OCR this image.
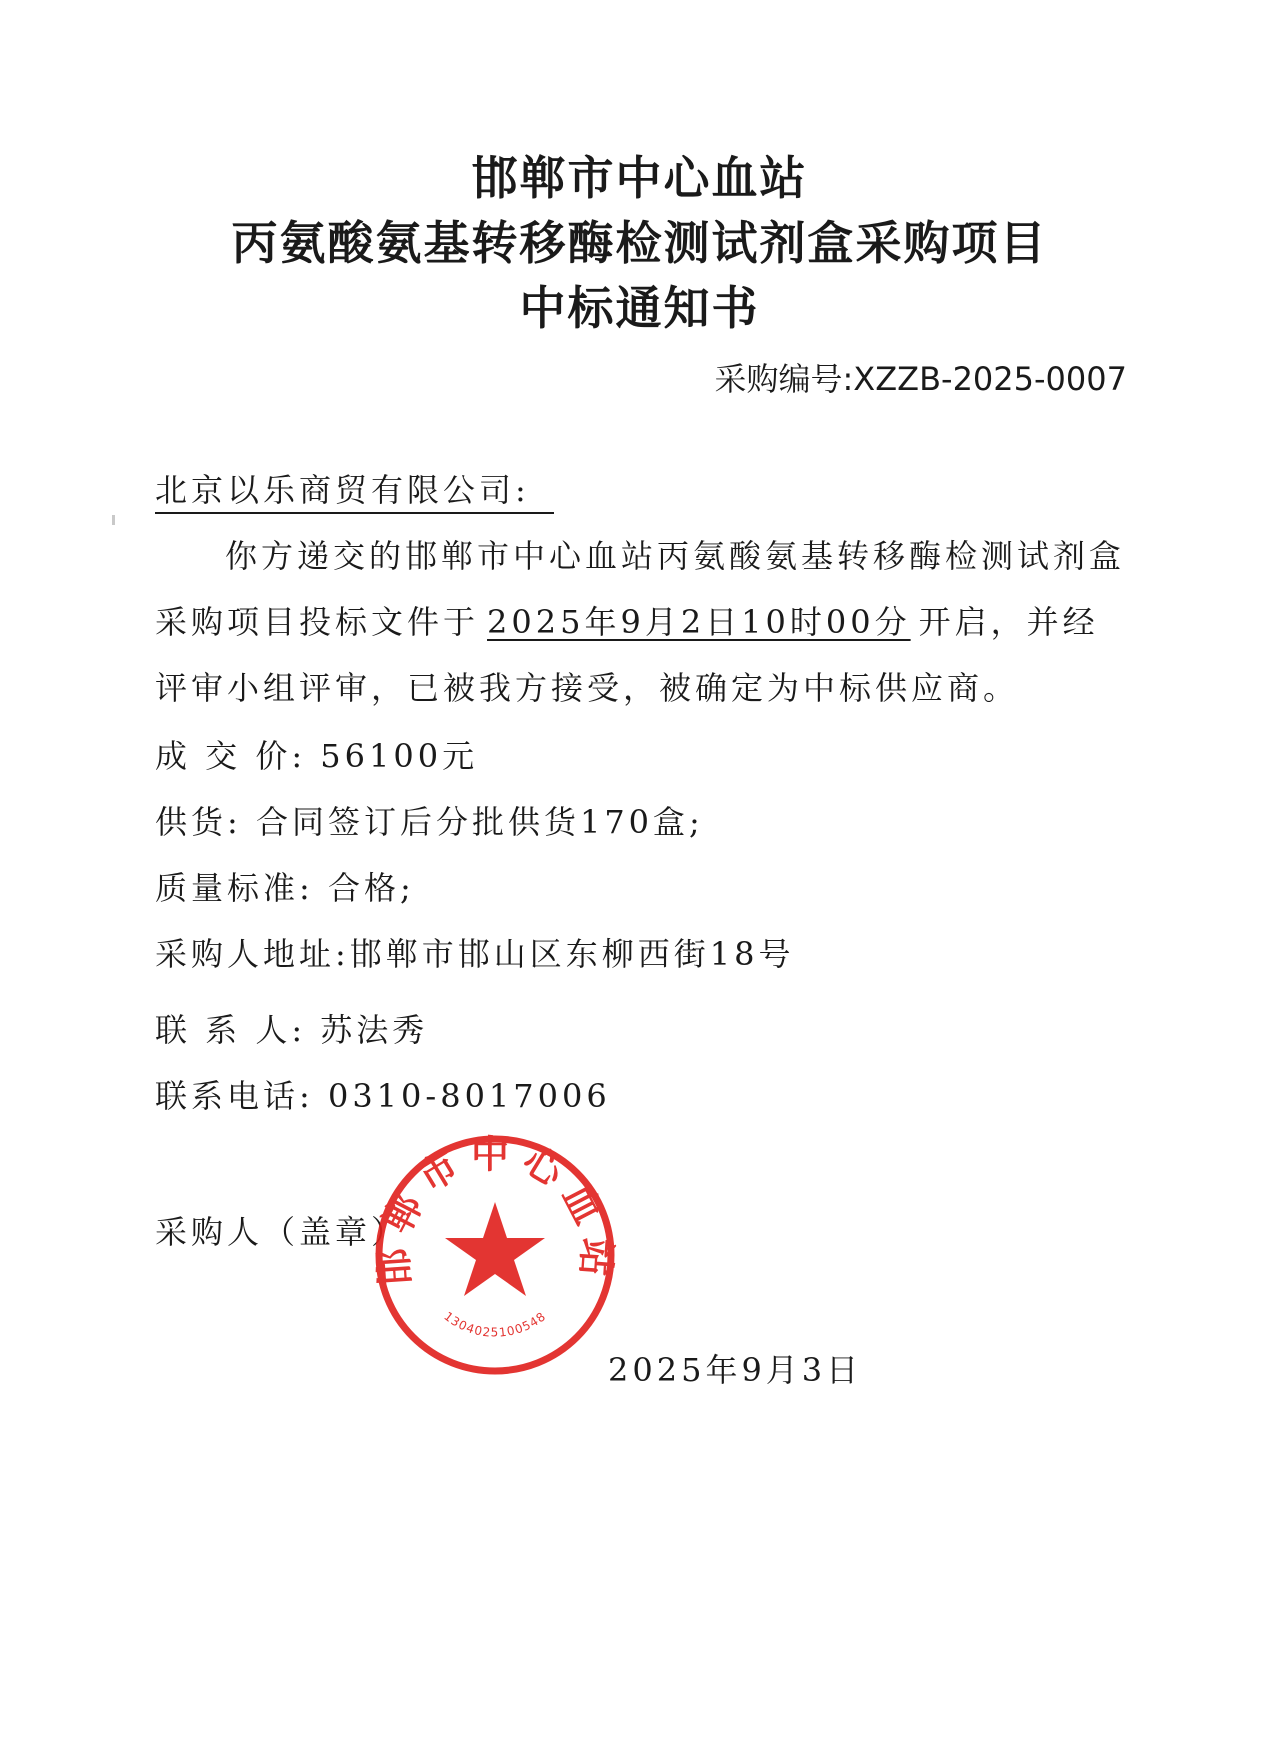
邯郸市中心血站
丙氨酸氨基转移酶检测试剂盒采购项目
中标通知书
采购编号:XZZB-2025-0007
北京以乐商贸有限公司:
你方递交的邯郸市中心血站丙氨酸氨基转移酶检测试剂盒
采购项目投标文件于 2025年9月2日10时00分 开启，并经
评审小组评审，已被我方接受，被确定为中标供应商。
成 交 价: 56100元
供货: 合同签订后分批供货170盒;
质量标准: 合格;
采购人地址:邯郸市邯山区东柳西街18号
联 系 人: 苏法秀
联系电话: 0310-8017006
采购人（盖章）
邯郸市中心血站
1304025100548
2025年9月3日
